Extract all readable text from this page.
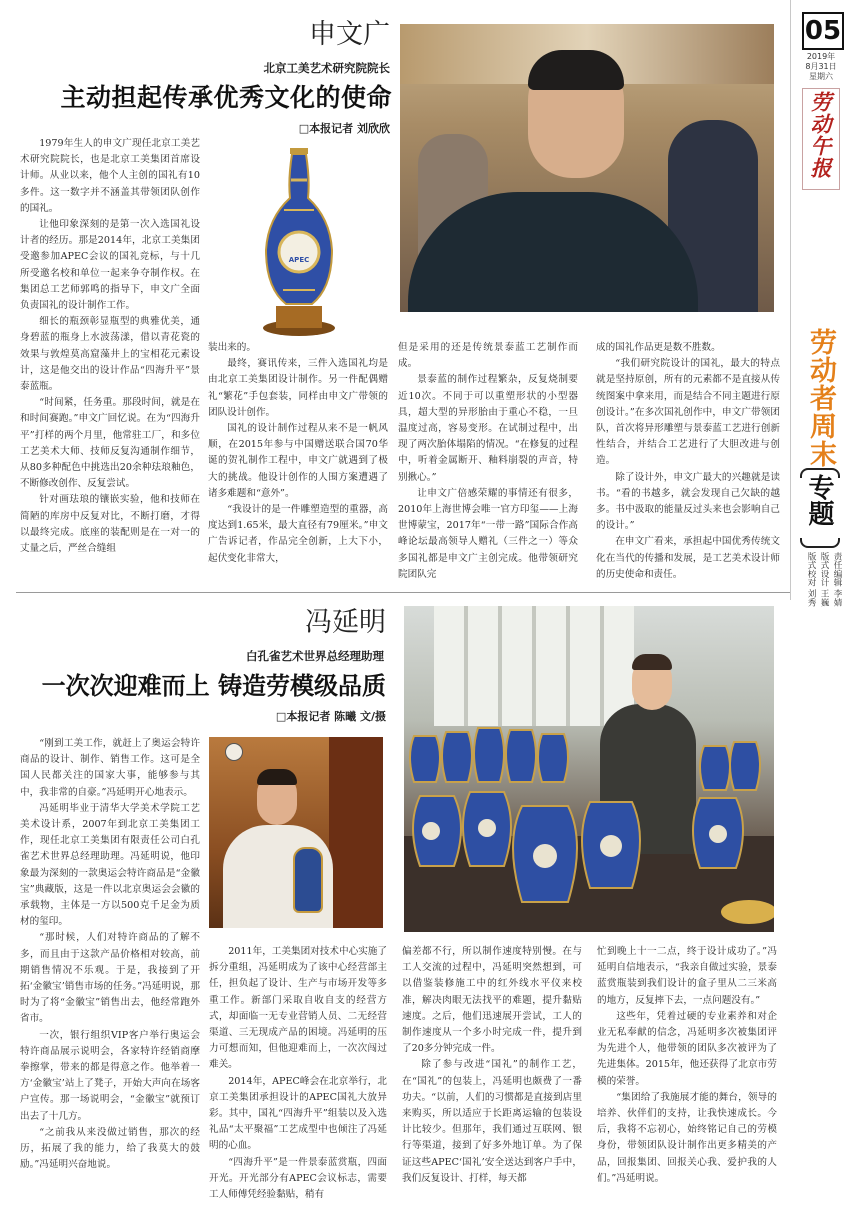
05
2019年
8月31日
星期六
劳动午报
劳动者周末
专题
责任编辑 李婧
版式设计 王巍
版式校对 刘秀
申文广
北京工美艺术研究院院长
主动担起传承优秀文化的使命
□本报记者 刘欣欣
APEC

1979年生人的申文广现任北京工美艺术研究院院长，也是北京工美集团首席设计师。从业以来，他个人主创的国礼有10多件。这一数字并不涵盖其带领团队创作的国礼。

让他印象深刻的是第一次入选国礼设计者的经历。那是2014年，北京工美集团受邀参加APEC会议的国礼竞标，与十几所受邀名校和单位一起来争夺制作权。在集团总工艺师郭鸣的指导下，申文广全面负责国礼的设计制作工作。

细长的瓶颈彰显瓶型的典雅优美，通身碧蓝的瓶身上水波荡漾，借以青花瓷的效果与敦煌莫高窟藻井上的宝相花元素设计，这是他交出的设计作品“四海升平”景泰蓝瓶。

“时间紧，任务重。那段时间，就是在和时间赛跑。”申文广回忆说。在为“四海升平”打样的两个月里，他常驻工厂，和多位工艺美术大师、技师反复沟通制作细节，从80多种配色中挑选出20余种珐琅釉色，不断修改创作、反复尝试。

针对画珐琅的镶嵌实验，他和技师在简陋的库房中反复对比，不断打磨，才得以最终完成。底座的装配则是在一对一的丈量之后，严丝合缝组

装出来的。

最终，赛讯传来，三件入选国礼均是由北京工美集团设计制作。另一件配偶赠礼“繁花”手包套装，同样由申文广带领的团队设计创作。

国礼的设计制作过程从来不是一帆风顺，在2015年参与中国赠送联合国70华诞的贺礼制作工程中，申文广就遇到了极大的挑战。他设计创作的人围方案遭遇了诸多难题和“意外”。

“我设计的是一件雕塑造型的重器，高度达到1.65米，最大直径有79厘米。”申文广告诉记者，作品完全创新，上大下小，起伏变化非常大，

但是采用的还是传统景泰蓝工艺制作而成。

景泰蓝的制作过程繁杂，反复烧制要近10次。不同于可以重塑形状的小型器具，超大型的异形胎由于重心不稳，一旦温度过高，容易变形。在试制过程中，出现了两次胎体塌陷的情况。“在修复的过程中，听着金属断开、釉料崩裂的声音，特别揪心。”

让申文广倍感荣耀的事情还有很多，2010年上海世博会唯一官方印玺——上海世博蒙宝，2017年“一带一路”国际合作高峰论坛最高领导人赠礼（三件之一）等众多国礼都是申文广主创完成。他带领研究院团队完

成的国礼作品更是数不胜数。

“我们研究院设计的国礼，最大的特点就是坚持原创，所有的元素都不是直接从传统图案中拿来用，而是结合不同主题进行原创设计。”在多次国礼创作中，申文广带领团队，首次将异形雕塑与景泰蓝工艺进行创新性结合，并结合工艺进行了大胆改进与创造。

除了设计外，申文广最大的兴趣就是读书。“看的书越多，就会发现自己欠缺的越多。书中汲取的能量反过头来也会影响自己的设计。”

在申文广看来，承担起中国优秀传统文化在当代的传播和发展，是工艺美术设计师的历史使命和责任。

冯延明
白孔雀艺术世界总经理助理
一次次迎难而上 铸造劳模级品质
□本报记者 陈曦 文/摄

“刚到工美工作，就赶上了奥运会特许商品的设计、制作、销售工作。这可是全国人民都关注的国家大事，能够参与其中，我非常的自豪。”冯延明开心地表示。

冯延明毕业于清华大学美术学院工艺美术设计系，2007年到北京工美集团工作，现任北京工美集团有限责任公司白孔雀艺术世界总经理助理。冯延明说，他印象最为深刻的一款奥运会特许商品是“金徽宝”典藏版，这是一件以北京奥运会会徽的承载物，主体是一方以500克千足金为质材的玺印。

“那时候，人们对特许商品的了解不多，而且由于这款产品价格相对较高，前期销售情况不乐观。于是，我接到了开拓‘金徽宝’销售市场的任务。”冯延明说，那时为了将“金徽宝”销售出去，他经常跑外省市。

一次，银行组织VIP客户举行奥运会特许商品展示说明会，各家特许经销商摩拳擦掌，带来的都是得意之作。他举着一方‘金徽宝’站上了凳子，开始大声向在场客户宣传。那一场说明会，“金徽宝”就预订出去了十几方。

“之前我从来没做过销售，那次的经历，拓展了我的能力，给了我莫大的鼓励。”冯延明兴奋地说。

2011年，工美集团对技术中心实施了拆分重组，冯延明成为了该中心经营部主任，担负起了设计、生产与市场开发等多重工作。新部门采取自收自支的经营方式，却面临一无专业营销人员、二无经营渠道、三无现成产品的困境。冯延明的压力可想而知，但他迎难而上，一次次闯过难关。

2014年，APEC峰会在北京举行，北京工美集团承担设计的APEC国礼大放异彩。其中，国礼“四海升平”组装以及入选礼品“太平聚福”工艺成型中也倾注了冯延明的心血。

“四海升平”是一件景泰蓝赏瓶，四面开光。开光部分有APEC会议标志，需要工人师傅凭经验黏贴，稍有

偏差都不行，所以制作速度特别慢。在与工人交流的过程中，冯延明突然想到，可以借鉴装修施工中的红外线水平仪来校准，解决肉眼无法找平的难题，提升黏贴速度。之后，他们迅速展开尝试，工人的制作速度从一个多小时完成一件，提升到了20多分钟完成一件。

除了参与改进“国礼”的制作工艺，在“国礼”的包装上，冯延明也颇费了一番功夫。“以前，人们的习惯都是直接到店里来购买，所以适应于长距离运输的包装设计比较少。但那年，我们通过互联网、银行等渠道，接到了好多外地订单。为了保证这些APEC‘国礼’安全送达到客户手中，我们反复设计、打样，每天都

忙到晚上十一二点，终于设计成功了。”冯延明自信地表示，“我亲自做过实验，景泰蓝赏瓶装到我们设计的盒子里从二三米高的地方，反复摔下去，一点问题没有。”

这些年，凭着过硬的专业素养和对企业无私奉献的信念，冯延明多次被集团评为先进个人，他带领的团队多次被评为了先进集体。2015年，他还获得了北京市劳模的荣誉。

“集团给了我施展才能的舞台，领导的培养、伙伴们的支持，让我快速成长。今后，我将不忘初心，始终铭记自己的劳模身份，带领团队设计制作出更多精美的产品，回报集团、回报关心我、爱护我的人们。”冯延明说。
